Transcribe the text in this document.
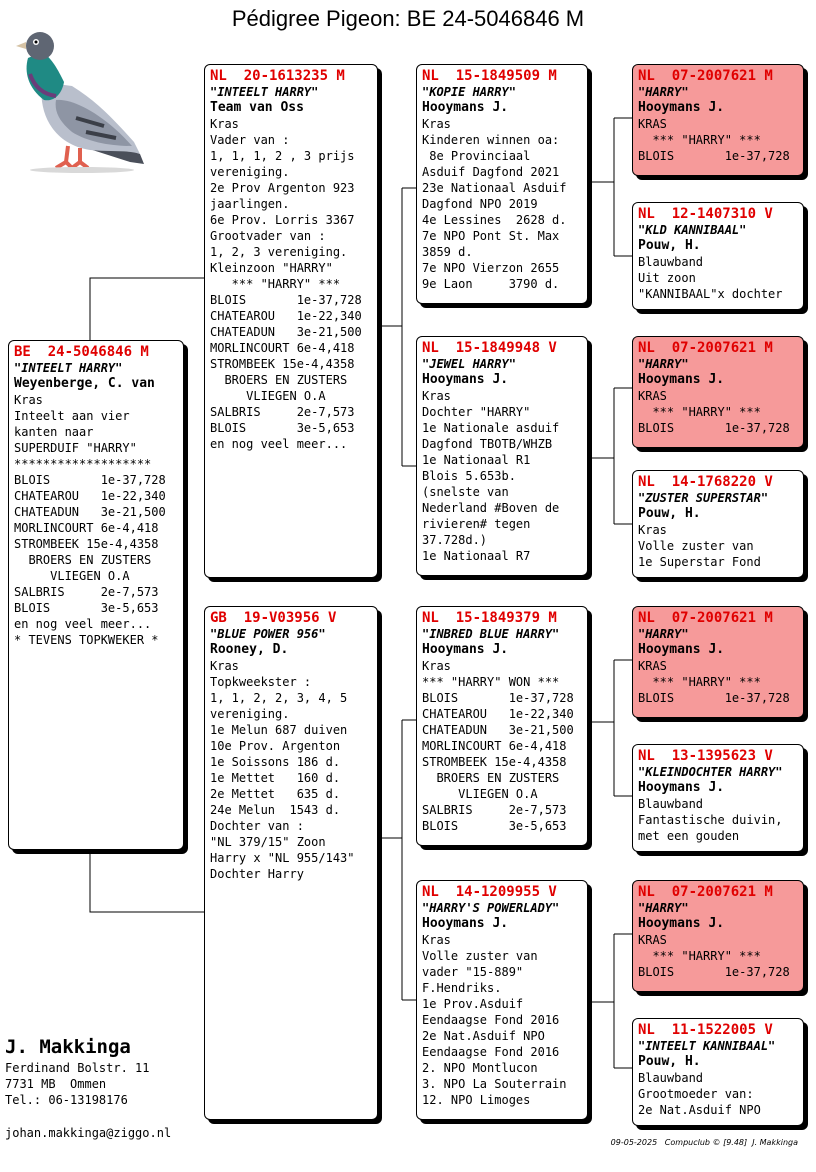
Pédigree Pigeon: BE 24-5046846 M
BE  24-5046846 M
"INTEELT HARRY"
Weyenberge, C. van
Kras
Inteelt aan vier
kanten naar
SUPERDUIF "HARRY"
*******************
BLOIS       1e-37,728
CHATEAROU   1e-22,340
CHATEADUN   3e-21,500
MORLINCOURT 6e-4,418
STROMBEEK 15e-4,4358
BROERS EN ZUSTERS
VLIEGEN O.A
SALBRIS     2e-7,573
BLOIS       3e-5,653
en nog veel meer...
* TEVENS TOPKWEKER *
NL  20-1613235 M
"INTEELT HARRY"
Team van Oss
Kras
Vader van :
1, 1, 1, 2 , 3 prijs
vereniging.
2e Prov Argenton 923
jaarlingen.
6e Prov. Lorris 3367
Grootvader van :
1, 2, 3 vereniging.
Kleinzoon "HARRY"
*** "HARRY" ***
BLOIS       1e-37,728
CHATEAROU   1e-22,340
CHATEADUN   3e-21,500
MORLINCOURT 6e-4,418
STROMBEEK 15e-4,4358
BROERS EN ZUSTERS
VLIEGEN O.A
SALBRIS     2e-7,573
BLOIS       3e-5,653
en nog veel meer...
GB  19-V03956 V
"BLUE POWER 956"
Rooney, D.
Kras
Topkweekster :
1, 1, 2, 2, 3, 4, 5
vereniging.
1e Melun 687 duiven
10e Prov. Argenton
1e Soissons 186 d.
1e Mettet   160 d.
2e Mettet   635 d.
24e Melun  1543 d.
Dochter van :
"NL 379/15" Zoon
Harry x "NL 955/143"
Dochter Harry
NL  15-1849509 M
"KOPIE HARRY"
Hooymans J.
Kras
Kinderen winnen oa:
8e Provinciaal
Asduif Dagfond 2021
23e Nationaal Asduif
Dagfond NPO 2019
4e Lessines  2628 d.
7e NPO Pont St. Max
3859 d.
7e NPO Vierzon 2655
9e Laon     3790 d.
NL  15-1849948 V
"JEWEL HARRY"
Hooymans J.
Kras
Dochter "HARRY"
1e Nationale asduif
Dagfond TBOTB/WHZB
1e Nationaal R1
Blois 5.653b.
(snelste van
Nederland #Boven de
rivieren# tegen
37.728d.)
1e Nationaal R7
NL  15-1849379 M
"INBRED BLUE HARRY"
Hooymans J.
Kras
*** "HARRY" WON ***
BLOIS       1e-37,728
CHATEAROU   1e-22,340
CHATEADUN   3e-21,500
MORLINCOURT 6e-4,418
STROMBEEK 15e-4,4358
BROERS EN ZUSTERS
VLIEGEN O.A
SALBRIS     2e-7,573
BLOIS       3e-5,653
NL  14-1209955 V
"HARRY'S POWERLADY"
Hooymans J.
Kras
Volle zuster van
vader "15-889"
F.Hendriks.
1e Prov.Asduif
Eendaagse Fond 2016
2e Nat.Asduif NPO
Eendaagse Fond 2016
2. NPO Montlucon
3. NPO La Souterrain
12. NPO Limoges
NL  07-2007621 M
"HARRY"
Hooymans J.
KRAS
*** "HARRY" ***
BLOIS       1e-37,728
NL  12-1407310 V
"KLD KANNIBAAL"
Pouw, H.
Blauwband
Uit zoon
"KANNIBAAL"x dochter
NL  07-2007621 M
"HARRY"
Hooymans J.
KRAS
*** "HARRY" ***
BLOIS       1e-37,728
NL  14-1768220 V
"ZUSTER SUPERSTAR"
Pouw, H.
Kras
Volle zuster van
1e Superstar Fond
NL  07-2007621 M
"HARRY"
Hooymans J.
KRAS
*** "HARRY" ***
BLOIS       1e-37,728
NL  13-1395623 V
"KLEINDOCHTER HARRY"
Hooymans J.
Blauwband
Fantastische duivin,
met een gouden
NL  07-2007621 M
"HARRY"
Hooymans J.
KRAS
*** "HARRY" ***
BLOIS       1e-37,728
NL  11-1522005 V
"INTEELT KANNIBAAL"
Pouw, H.
Blauwband
Grootmoeder van:
2e Nat.Asduif NPO
J. Makkinga
Ferdinand Bolstr. 11
7731 MB  Ommen
Tel.: 06-13198176
johan.makkinga@ziggo.nl
09-05-2025   Compuclub © [9.48]  J. Makkinga
